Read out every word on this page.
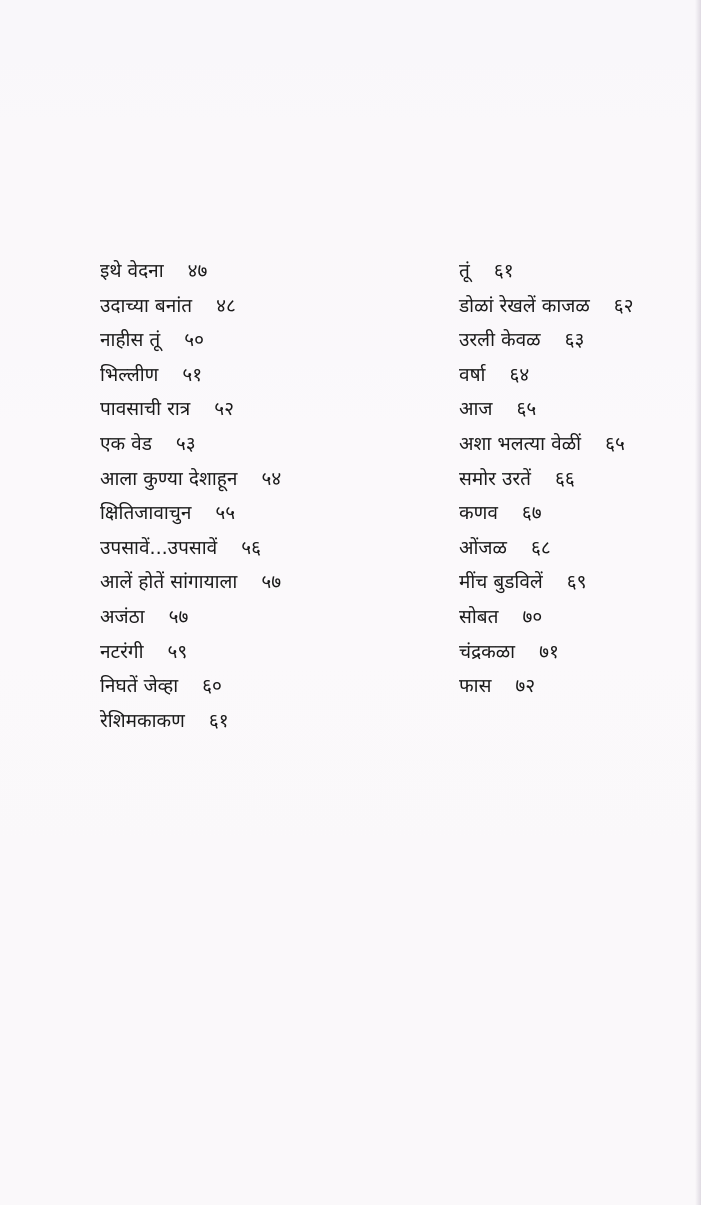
इथे वेदना ४७
उदाच्या बनांत ४८
नाहीस तूं ५०
भिल्लीण ५१
पावसाची रात्र ५२
एक वेड ५३
आला कुण्या देशाहून ५४
क्षितिजावाचुन ५५
उपसावें...उपसावें ५६
आलें होतें सांगायाला ५७
अजंठा ५७
नटरंगी ५९
निघतें जेव्हा ६०
रेशिमकाकण ६१
तूं ६१
डोळां रेखलें काजळ ६२
उरली केवळ ६३
वर्षा ६४
आज ६५
अशा भलत्या वेळीं ६५
समोर उरतें ६६
कणव ६७
ओंजळ ६८
मींच बुडविलें ६९
सोबत ७०
चंद्रकळा ७१
फास ७२
